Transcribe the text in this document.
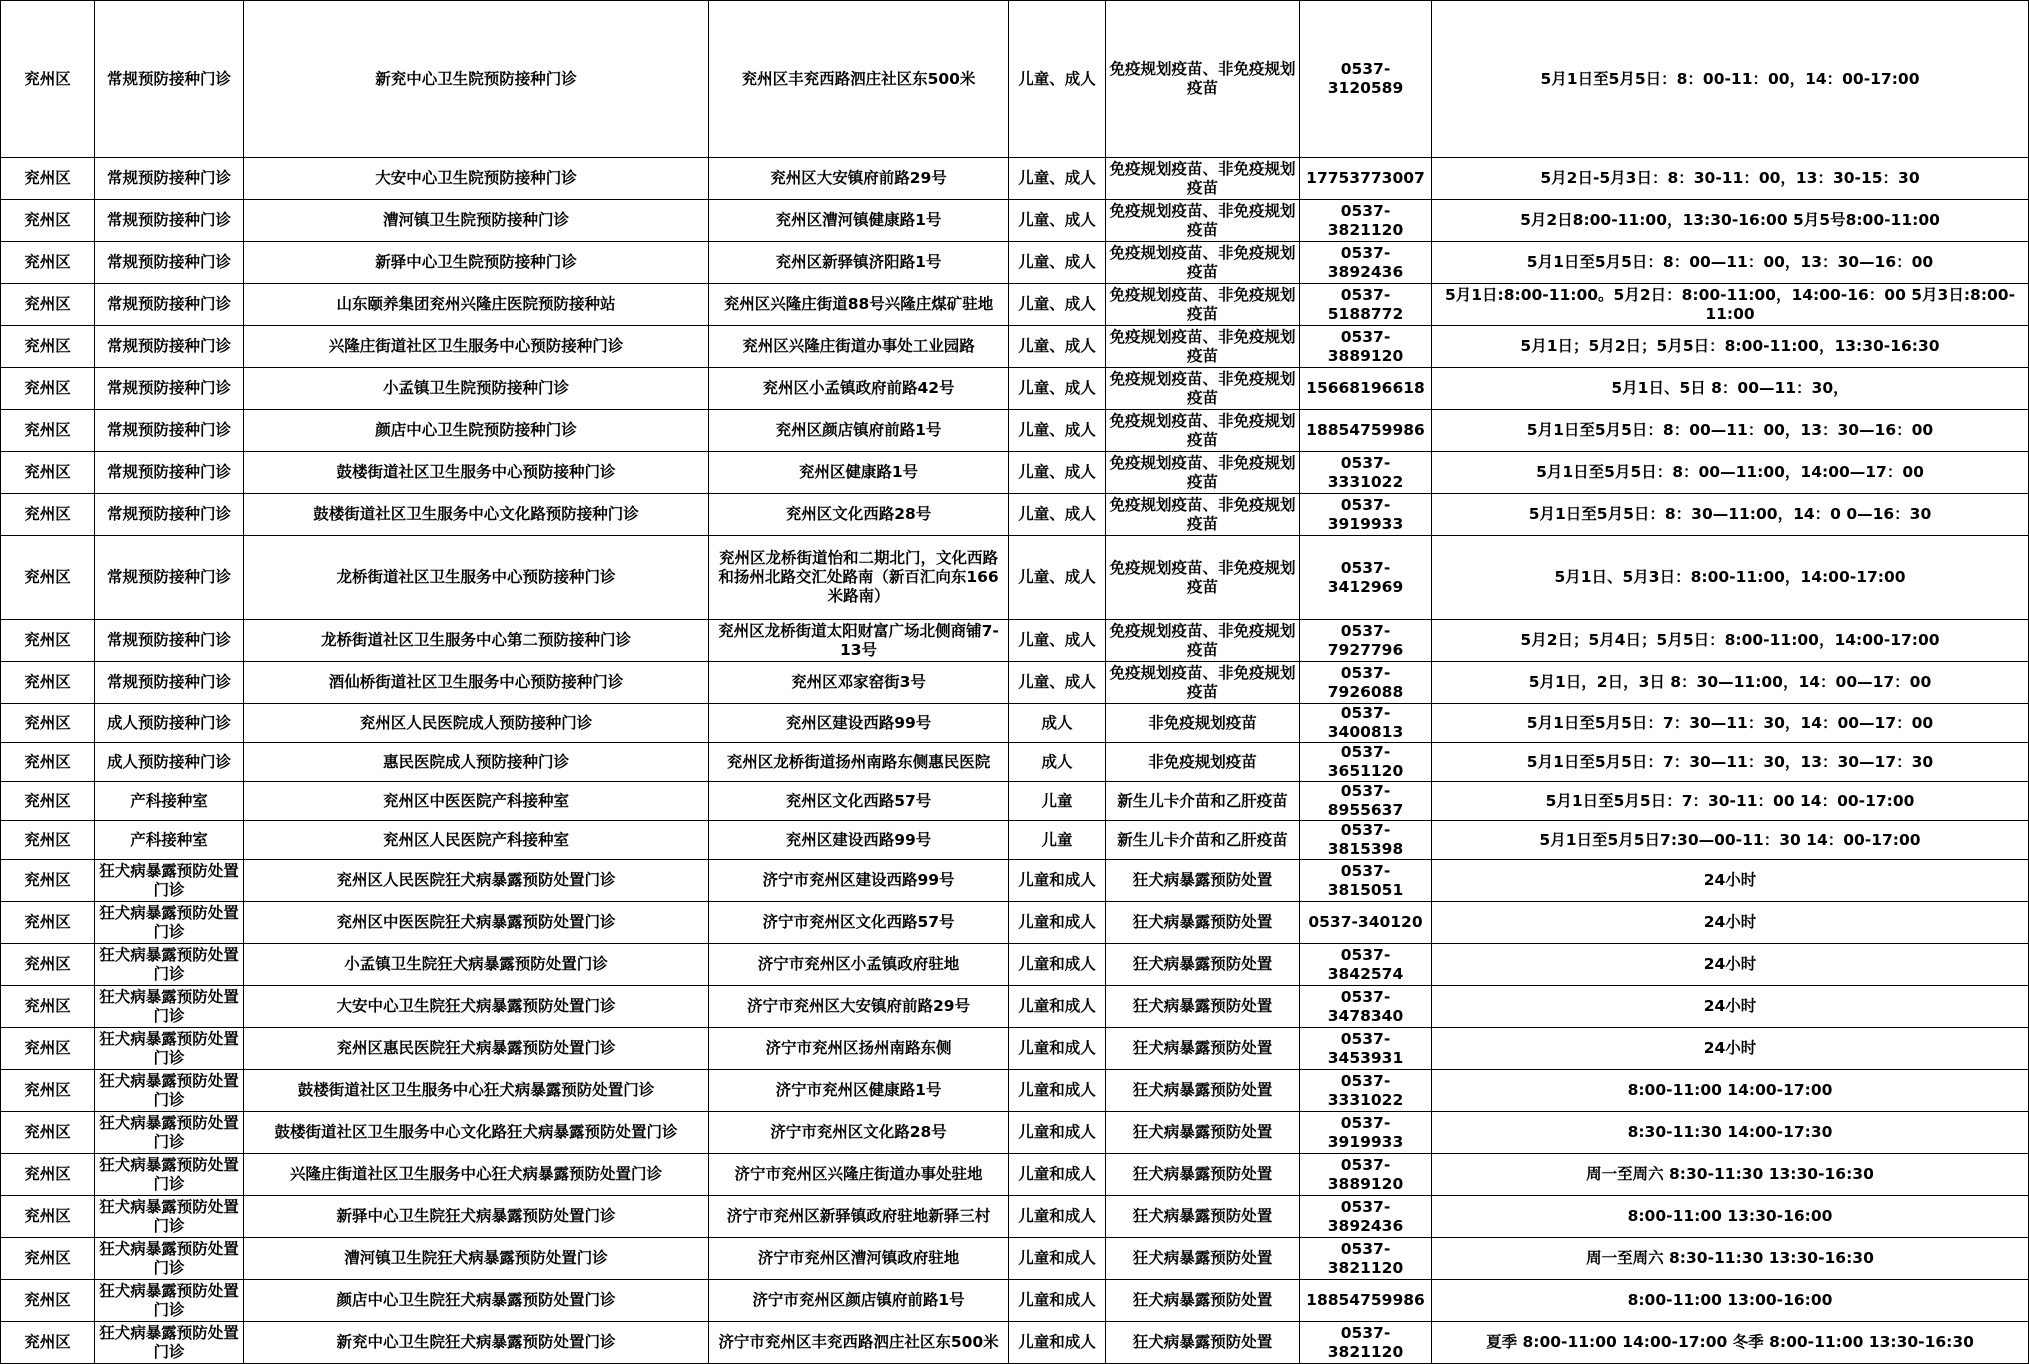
兖州区	常规预防接种门诊	新兖中心卫生院预防接种门诊	兖州区丰兖西路泗庄社区东500米	儿童、成人	免疫规划疫苗、非免疫规划疫苗	0537-3120589	5月1日至5月5日：8：00-11：00，14：00-17:00
兖州区	常规预防接种门诊	大安中心卫生院预防接种门诊	兖州区大安镇府前路29号	儿童、成人	免疫规划疫苗、非免疫规划疫苗	17753773007	5月2日-5月3日：8：30-11：00，13：30-15：30
兖州区	常规预防接种门诊	漕河镇卫生院预防接种门诊	兖州区漕河镇健康路1号	儿童、成人	免疫规划疫苗、非免疫规划疫苗	0537-3821120	5月2日8:00-11:00，13:30-16:00 5月5号8:00-11:00
兖州区	常规预防接种门诊	新驿中心卫生院预防接种门诊	兖州区新驿镇济阳路1号	儿童、成人	免疫规划疫苗、非免疫规划疫苗	0537-3892436	5月1日至5月5日：8：00—11：00，13：30—16：00
兖州区	常规预防接种门诊	山东颐养集团兖州兴隆庄医院预防接种站	兖州区兴隆庄街道88号兴隆庄煤矿驻地	儿童、成人	免疫规划疫苗、非免疫规划疫苗	0537-5188772	5月1日:8:00-11:00。5月2日：8:00-11:00，14:00-16：00 5月3日:8:00-11:00
兖州区	常规预防接种门诊	兴隆庄街道社区卫生服务中心预防接种门诊	兖州区兴隆庄街道办事处工业园路	儿童、成人	免疫规划疫苗、非免疫规划疫苗	0537-3889120	5月1日；5月2日；5月5日：8:00-11:00，13:30-16:30
兖州区	常规预防接种门诊	小孟镇卫生院预防接种门诊	兖州区小孟镇政府前路42号	儿童、成人	免疫规划疫苗、非免疫规划疫苗	15668196618	5月1日、5日 8：00—11：30，
兖州区	常规预防接种门诊	颜店中心卫生院预防接种门诊	兖州区颜店镇府前路1号	儿童、成人	免疫规划疫苗、非免疫规划疫苗	18854759986	5月1日至5月5日：8：00—11：00，13：30—16：00
兖州区	常规预防接种门诊	鼓楼街道社区卫生服务中心预防接种门诊	兖州区健康路1号	儿童、成人	免疫规划疫苗、非免疫规划疫苗	0537-3331022	5月1日至5月5日：8：00—11:00，14:00—17：00
兖州区	常规预防接种门诊	鼓楼街道社区卫生服务中心文化路预防接种门诊	兖州区文化西路28号	儿童、成人	免疫规划疫苗、非免疫规划疫苗	0537-3919933	5月1日至5月5日：8：30—11:00，14：0 0—16：30
兖州区	常规预防接种门诊	龙桥街道社区卫生服务中心预防接种门诊	兖州区龙桥街道怡和二期北门，文化西路和扬州北路交汇处路南（新百汇向东166米路南）	儿童、成人	免疫规划疫苗、非免疫规划疫苗	0537-3412969	5月1日、5月3日：8:00-11:00，14:00-17:00
兖州区	常规预防接种门诊	龙桥街道社区卫生服务中心第二预防接种门诊	兖州区龙桥街道太阳财富广场北侧商铺7-13号	儿童、成人	免疫规划疫苗、非免疫规划疫苗	0537-7927796	5月2日；5月4日；5月5日：8:00-11:00，14:00-17:00
兖州区	常规预防接种门诊	酒仙桥街道社区卫生服务中心预防接种门诊	兖州区邓家窑街3号	儿童、成人	免疫规划疫苗、非免疫规划疫苗	0537-7926088	5月1日，2日，3日 8：30—11:00，14：00—17：00
兖州区	成人预防接种门诊	兖州区人民医院成人预防接种门诊	兖州区建设西路99号	成人	非免疫规划疫苗	0537-3400813	5月1日至5月5日：7：30—11：30，14：00—17：00
兖州区	成人预防接种门诊	惠民医院成人预防接种门诊	兖州区龙桥街道扬州南路东侧惠民医院	成人	非免疫规划疫苗	0537-3651120	5月1日至5月5日：7：30—11：30，13：30—17：30
兖州区	产科接种室	兖州区中医医院产科接种室	兖州区文化西路57号	儿童	新生儿卡介苗和乙肝疫苗	0537-8955637	5月1日至5月5日：7：30-11：00 14：00-17:00
兖州区	产科接种室	兖州区人民医院产科接种室	兖州区建设西路99号	儿童	新生儿卡介苗和乙肝疫苗	0537-3815398	5月1日至5月5日7:30—00-11：30 14：00-17:00
兖州区	狂犬病暴露预防处置门诊	兖州区人民医院狂犬病暴露预防处置门诊	济宁市兖州区建设西路99号	儿童和成人	狂犬病暴露预防处置	0537-3815051	24小时
兖州区	狂犬病暴露预防处置门诊	兖州区中医医院狂犬病暴露预防处置门诊	济宁市兖州区文化西路57号	儿童和成人	狂犬病暴露预防处置	0537-340120	24小时
兖州区	狂犬病暴露预防处置门诊	小孟镇卫生院狂犬病暴露预防处置门诊	济宁市兖州区小孟镇政府驻地	儿童和成人	狂犬病暴露预防处置	0537-3842574	24小时
兖州区	狂犬病暴露预防处置门诊	大安中心卫生院狂犬病暴露预防处置门诊	济宁市兖州区大安镇府前路29号	儿童和成人	狂犬病暴露预防处置	0537-3478340	24小时
兖州区	狂犬病暴露预防处置门诊	兖州区惠民医院狂犬病暴露预防处置门诊	济宁市兖州区扬州南路东侧	儿童和成人	狂犬病暴露预防处置	0537-3453931	24小时
兖州区	狂犬病暴露预防处置门诊	鼓楼街道社区卫生服务中心狂犬病暴露预防处置门诊	济宁市兖州区健康路1号	儿童和成人	狂犬病暴露预防处置	0537-3331022	8:00-11:00 14:00-17:00
兖州区	狂犬病暴露预防处置门诊	鼓楼街道社区卫生服务中心文化路狂犬病暴露预防处置门诊	济宁市兖州区文化路28号	儿童和成人	狂犬病暴露预防处置	0537-3919933	8:30-11:30 14:00-17:30
兖州区	狂犬病暴露预防处置门诊	兴隆庄街道社区卫生服务中心狂犬病暴露预防处置门诊	济宁市兖州区兴隆庄街道办事处驻地	儿童和成人	狂犬病暴露预防处置	0537-3889120	周一至周六 8:30-11:30 13:30-16:30
兖州区	狂犬病暴露预防处置门诊	新驿中心卫生院狂犬病暴露预防处置门诊	济宁市兖州区新驿镇政府驻地新驿三村	儿童和成人	狂犬病暴露预防处置	0537-3892436	8:00-11:00 13:30-16:00
兖州区	狂犬病暴露预防处置门诊	漕河镇卫生院狂犬病暴露预防处置门诊	济宁市兖州区漕河镇政府驻地	儿童和成人	狂犬病暴露预防处置	0537-3821120	周一至周六 8:30-11:30 13:30-16:30
兖州区	狂犬病暴露预防处置门诊	颜店中心卫生院狂犬病暴露预防处置门诊	济宁市兖州区颜店镇府前路1号	儿童和成人	狂犬病暴露预防处置	18854759986	8:00-11:00 13:00-16:00
兖州区	狂犬病暴露预防处置门诊	新兖中心卫生院狂犬病暴露预防处置门诊	济宁市兖州区丰兖西路泗庄社区东500米	儿童和成人	狂犬病暴露预防处置	0537-3821120	夏季 8:00-11:00 14:00-17:00 冬季 8:00-11:00 13:30-16:30
